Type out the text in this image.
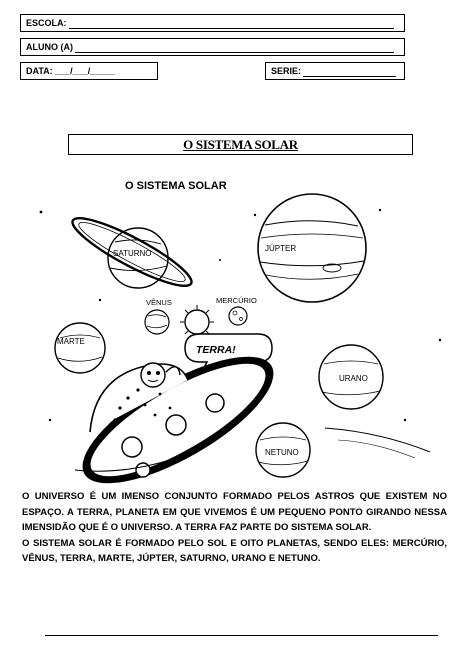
ESCOLA:
ALUNO (A)
DATA: ___/___/_____	SERIE:
O SISTEMA SOLAR
O SISTEMA SOLAR
SATURNO
JÚPTER
VÊNUS	MERCÚRIO
MARTE
URANO
NETUNO
TERRA!

O UNIVERSO É UM IMENSO CONJUNTO FORMADO PELOS ASTROS QUE EXISTEM NO ESPAÇO. A TERRA, PLANETA EM QUE VIVEMOS É UM PEQUENO PONTO GIRANDO NESSA IMENSIDÃO QUE É O UNIVERSO. A TERRA FAZ PARTE DO SISTEMA SOLAR.

O SISTEMA SOLAR É FORMADO PELO SOL E OITO PLANETAS, SENDO ELES: MERCÚRIO, VÊNUS, TERRA, MARTE, JÚPTER, SATURNO, URANO E NETUNO.
